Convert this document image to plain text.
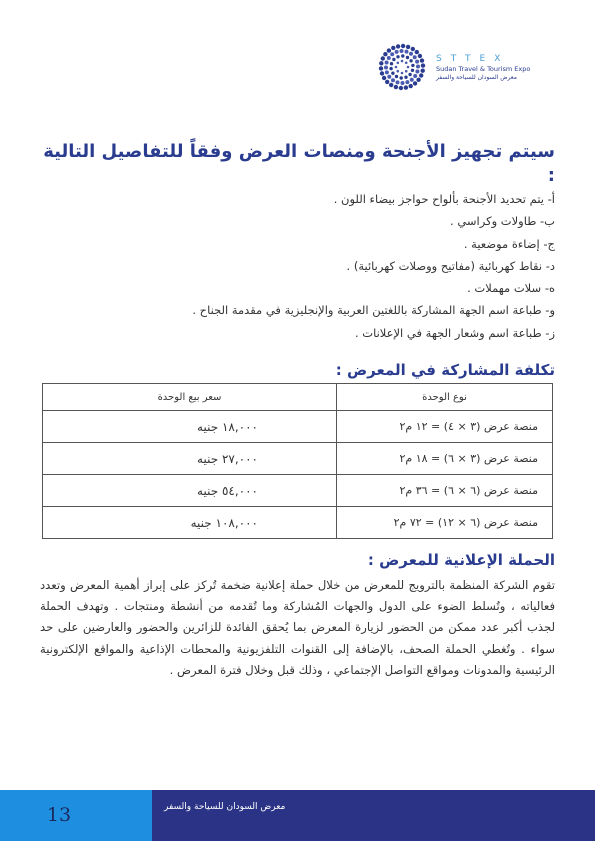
STTEX
Sudan Travel & Tourism Expo
معرض السودان للسياحة والسفر
سيتم تجهيز الأجنحة ومنصات العرض وفقاً للتفاصيل التالية :
أ- يتم تحديد الأجنحة بألواح حواجز بيضاء اللون .
ب- طاولات وكراسي .
ج- إضاءة موضعية .
د- نقاط كهربائية (مفاتيح ووصلات كهربائية) .
ه- سلات مهملات .
و- طباعة اسم الجهة المشاركة باللغتين العربية والإنجليزية في مقدمة الجناح .
ز- طباعة اسم وشعار الجهة في الإعلانات .
تكلفة المشاركة في المعرض :
نوع الوحدة	سعر بيع الوحدة
منصة عرض (٣ × ٤) = ١٢ م٢	١٨,٠٠٠ جنيه
منصة عرض (٣ × ٦) = ١٨ م٢	٢٧,٠٠٠ جنيه
منصة عرض (٦ × ٦) = ٣٦ م٢	٥٤,٠٠٠ جنيه
منصة عرض (٦ × ١٢) = ٧٢ م٢	١٠٨,٠٠٠ جنيه
الحملة الإعلانية للمعرض :

تقوم الشركة المنظمة بالترويج للمعرض من خلال حملة إعلانية ضخمة تُركز على إبراز أهمية المعرض وتعدد فعالياته ، وتُسلط الضوء على الدول والجهات المُشاركة وما تُقدمه من أنشطة ومنتجات . وتهدف الحملة لجذب أكبر عدد ممكن من الحضور لزيارة المعرض بما يُحقق الفائدة للزائرين والحضور والعارضين على حد سواء . وتُغطي الحملة الصحف، بالإضافة إلى القنوات التلفزيونية والمحطات الإذاعية والمواقع الإلكترونية الرئيسية والمدونات ومواقع التواصل الإجتماعي ، وذلك قبل وخلال فترة المعرض .

13	معرض السودان للسياحة والسفر
